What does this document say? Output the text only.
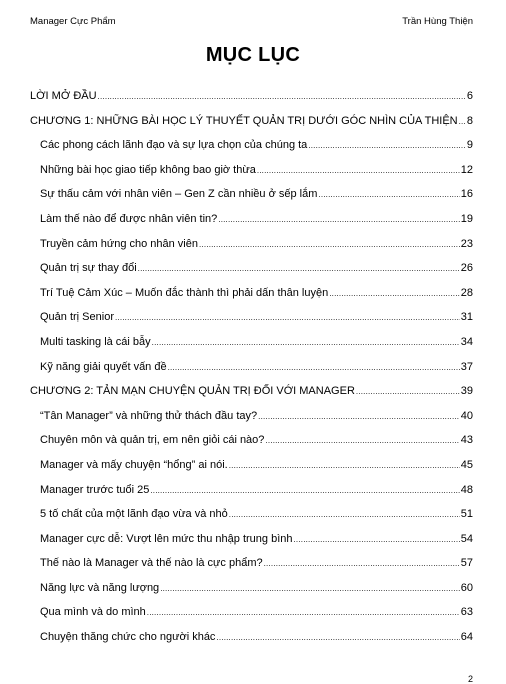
Manager Cực Phẩm	Trần Hùng Thiện
MỤC LỤC
LỜI MỞ ĐẦU .....	6
CHƯƠNG 1: NHỮNG BÀI HỌC LÝ THUYẾT QUẢN TRỊ DƯỚI GÓC NHÌN CỦA THIỆN ..... 8
Các phong cách lãnh đạo và sự lựa chọn của chúng ta .....	9
Những bài học giao tiếp không bao giờ thừa .....	12
Sự thấu cảm với nhân viên – Gen Z cần nhiều ở sếp lắm .....	16
Làm thế nào để được nhân viên tin? .....	19
Truyền cảm hứng cho nhân viên .....	23
Quản trị sự thay đổi .....	26
Trí Tuệ Cảm Xúc – Muốn đắc thành thì phải dấn thân luyện .....	28
Quản trị Senior .....	31
Multi tasking là cái bẫy .....	34
Kỹ năng giải quyết vấn đề .....	37
CHƯƠNG 2: TẢN MẠN CHUYỆN QUẢN TRỊ ĐỐI VỚI MANAGER .....	39
“Tân Manager” và những thử thách đầu tay? .....	40
Chuyên môn và quản trị, em nên giỏi cái nào? .....	43
Manager và mấy chuyện “hổng” ai nói. .....	45
Manager trước tuổi 25 .....	48
5 tố chất của một lãnh đạo vừa và nhỏ .....	51
Manager cực dễ: Vượt lên mức thu nhập trung bình .....	54
Thế nào là Manager và thế nào là cực phẩm? .....	57
Năng lực và năng lượng .....	60
Qua mình và do mình .....	63
Chuyện thăng chức cho người khác .....	64
2
